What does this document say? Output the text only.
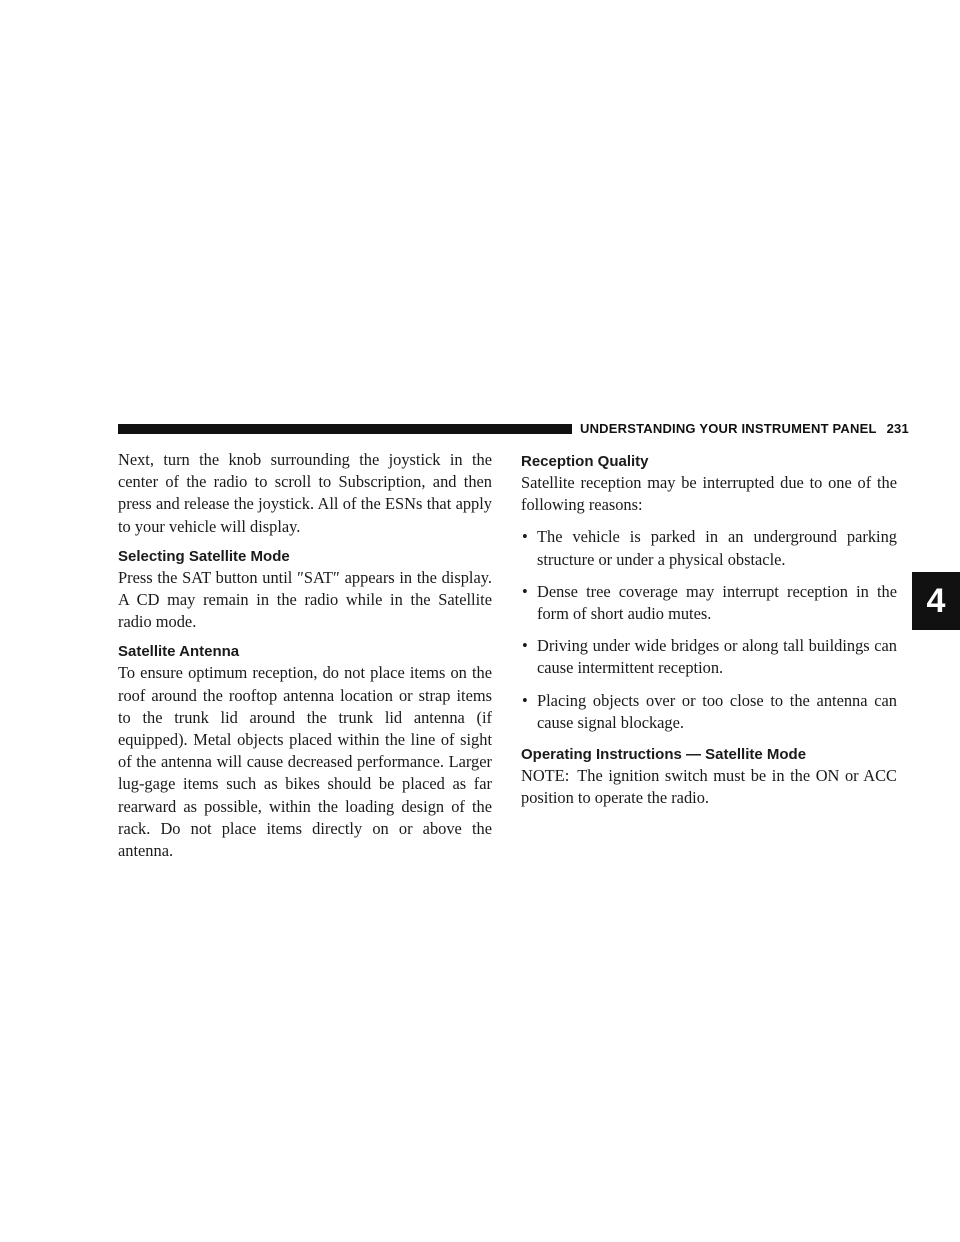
UNDERSTANDING YOUR INSTRUMENT PANEL 231
4

Next, turn the knob surrounding the joystick in the center of the radio to scroll to Subscription, and then press and release the joystick. All of the ESNs that apply to your vehicle will display.

Selecting Satellite Mode

Press the SAT button until ″SAT″ appears in the display. A CD may remain in the radio while in the Satellite radio mode.

Satellite Antenna

To ensure optimum reception, do not place items on the roof around the rooftop antenna location or strap items to the trunk lid around the trunk lid antenna (if equipped). Metal objects placed within the line of sight of the antenna will cause decreased performance. Larger lug-gage items such as bikes should be placed as far rearward as possible, within the loading design of the rack. Do not place items directly on or above the antenna.

Reception Quality

Satellite reception may be interrupted due to one of the following reasons:

• The vehicle is parked in an underground parking structure or under a physical obstacle.
• Dense tree coverage may interrupt reception in the form of short audio mutes.
• Driving under wide bridges or along tall buildings can cause intermittent reception.
• Placing objects over or too close to the antenna can cause signal blockage.
Operating Instructions — Satellite Mode

NOTE: The ignition switch must be in the ON or ACC position to operate the radio.
